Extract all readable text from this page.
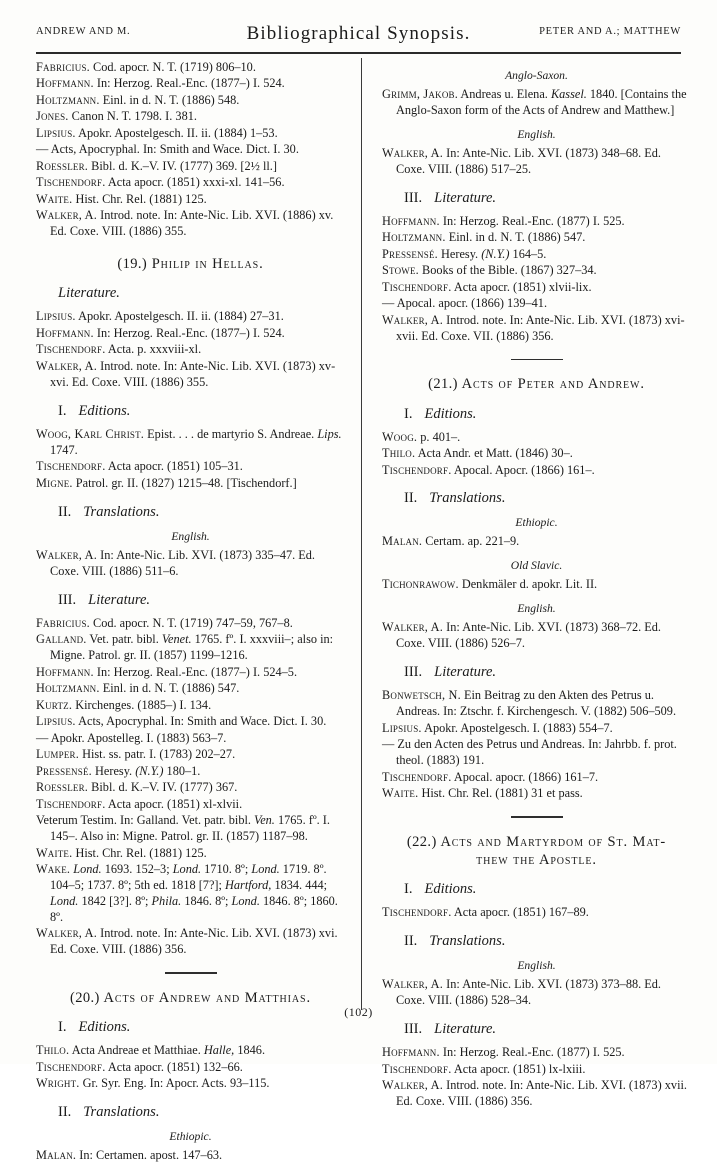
ANDREW AND M.	Bibliographical Synopsis.	PETER AND A.; MATTHEW

Fabricius. Cod. apocr. N. T. (1719) 806–10.

Hoffmann. In: Herzog. Real.-Enc. (1877–) I. 524.

Holtzmann. Einl. in d. N. T. (1886) 548.

Jones. Canon N. T. 1798. I. 381.

Lipsius. Apokr. Apostelgesch. II. ii. (1884) 1–53.

— Acts, Apocryphal. In: Smith and Wace. Dict. I. 30.

Roessler. Bibl. d. K.–V. IV. (1777) 369. [2½ ll.]

Tischendorf. Acta apocr. (1851) xxxi-xl. 141–56.

Waite. Hist. Chr. Rel. (1881) 125.

Walker, A. Introd. note. In: Ante-Nic. Lib. XVI. (1886) xv. Ed. Coxe. VIII. (1886) 355.

(19.) Philip in Hellas.
Literature.

Lipsius. Apokr. Apostelgesch. II. ii. (1884) 27–31.

Hoffmann. In: Herzog. Real.-Enc. (1877–) I. 524.

Tischendorf. Acta. p. xxxviii-xl.

Walker, A. Introd. note. In: Ante-Nic. Lib. XVI. (1873) xv-xvi. Ed. Coxe. VIII. (1886) 355.

I. Editions.

Woog, Karl Christ. Epist. . . . de martyrio S. Andreae. Lips. 1747.

Tischendorf. Acta apocr. (1851) 105–31.

Migne. Patrol. gr. II. (1827) 1215–48. [Tischendorf.]

II. Translations.
English.

Walker, A. In: Ante-Nic. Lib. XVI. (1873) 335–47. Ed. Coxe. VIII. (1886) 511–6.

III. Literature.

Fabricius. Cod. apocr. N. T. (1719) 747–59, 767–8.

Galland. Vet. patr. bibl. Venet. 1765. fº. I. xxxviii–; also in: Migne. Patrol. gr. II. (1857) 1199–1216.

Hoffmann. In: Herzog. Real.-Enc. (1877–) I. 524–5.

Holtzmann. Einl. in d. N. T. (1886) 547.

Kurtz. Kirchenges. (1885–) I. 134.

Lipsius. Acts, Apocryphal. In: Smith and Wace. Dict. I. 30.

— Apokr. Apostelleg. I. (1883) 563–7.

Lumper. Hist. ss. patr. I. (1783) 202–27.

Pressensé. Heresy. (N.Y.) 180–1.

Roessler. Bibl. d. K.–V. IV. (1777) 367.

Tischendorf. Acta apocr. (1851) xl-xlvii.

Veterum Testim. In: Galland. Vet. patr. bibl. Ven. 1765. fº. I. 145–. Also in: Migne. Patrol. gr. II. (1857) 1187–98.

Waite. Hist. Chr. Rel. (1881) 125.

Wake. Lond. 1693. 152–3; Lond. 1710. 8º; Lond. 1719. 8º. 104–5; 1737. 8º; 5th ed. 1818 [7?]; Hartford, 1834. 444; Lond. 1842 [3?]. 8º; Phila. 1846. 8º; Lond. 1846. 8º; 1860. 8º.

Walker, A. Introd. note. In: Ante-Nic. Lib. XVI. (1873) xvi. Ed. Coxe. VIII. (1886) 356.

(20.) Acts of Andrew and Matthias.
I. Editions.

Thilo. Acta Andreae et Matthiae. Halle, 1846.

Tischendorf. Acta apocr. (1851) 132–66.

Wright. Gr. Syr. Eng. In: Apocr. Acts. 93–115.

II. Translations.
Ethiopic.

Malan. In: Certamen. apost. 147–63.

Anglo-Saxon.

Grimm, Jakob. Andreas u. Elena. Kassel. 1840. [Contains the Anglo-Saxon form of the Acts of Andrew and Matthew.]

English.

Walker, A. In: Ante-Nic. Lib. XVI. (1873) 348–68. Ed. Coxe. VIII. (1886) 517–25.

III. Literature.

Hoffmann. In: Herzog. Real.-Enc. (1877) I. 525.

Holtzmann. Einl. in d. N. T. (1886) 547.

Pressensé. Heresy. (N.Y.) 164–5.

Stowe. Books of the Bible. (1867) 327–34.

Tischendorf. Acta apocr. (1851) xlvii-lix.

— Apocal. apocr. (1866) 139–41.

Walker, A. Introd. note. In: Ante-Nic. Lib. XVI. (1873) xvi-xvii. Ed. Coxe. VII. (1886) 356.

(21.) Acts of Peter and Andrew.
I. Editions.

Woog. p. 401–.

Thilo. Acta Andr. et Matt. (1846) 30–.

Tischendorf. Apocal. Apocr. (1866) 161–.

II. Translations.
Ethiopic.

Malan. Certam. ap. 221–9.

Old Slavic.

Tichonrawow. Denkmäler d. apokr. Lit. II.

English.

Walker, A. In: Ante-Nic. Lib. XVI. (1873) 368–72. Ed. Coxe. VIII. (1886) 526–7.

III. Literature.

Bonwetsch, N. Ein Beitrag zu den Akten des Petrus u. Andreas. In: Ztschr. f. Kirchengesch. V. (1882) 506–509.

Lipsius. Apokr. Apostelgesch. I. (1883) 554–7.

— Zu den Acten des Petrus und Andreas. In: Jahrbb. f. prot. theol. (1883) 191.

Tischendorf. Apocal. apocr. (1866) 161–7.

Waite. Hist. Chr. Rel. (1881) 31 et pass.

(22.) Acts and Martyrdom of St. Mat-
thew the Apostle.
I. Editions.

Tischendorf. Acta apocr. (1851) 167–89.

II. Translations.
English.

Walker, A. In: Ante-Nic. Lib. XVI. (1873) 373–88. Ed. Coxe. VIII. (1886) 528–34.

III. Literature.

Hoffmann. In: Herzog. Real.-Enc. (1877) I. 525.

Tischendorf. Acta apocr. (1851) lx-lxiii.

Walker, A. Introd. note. In: Ante-Nic. Lib. XVI. (1873) xvii. Ed. Coxe. VIII. (1886) 356.

(102)
